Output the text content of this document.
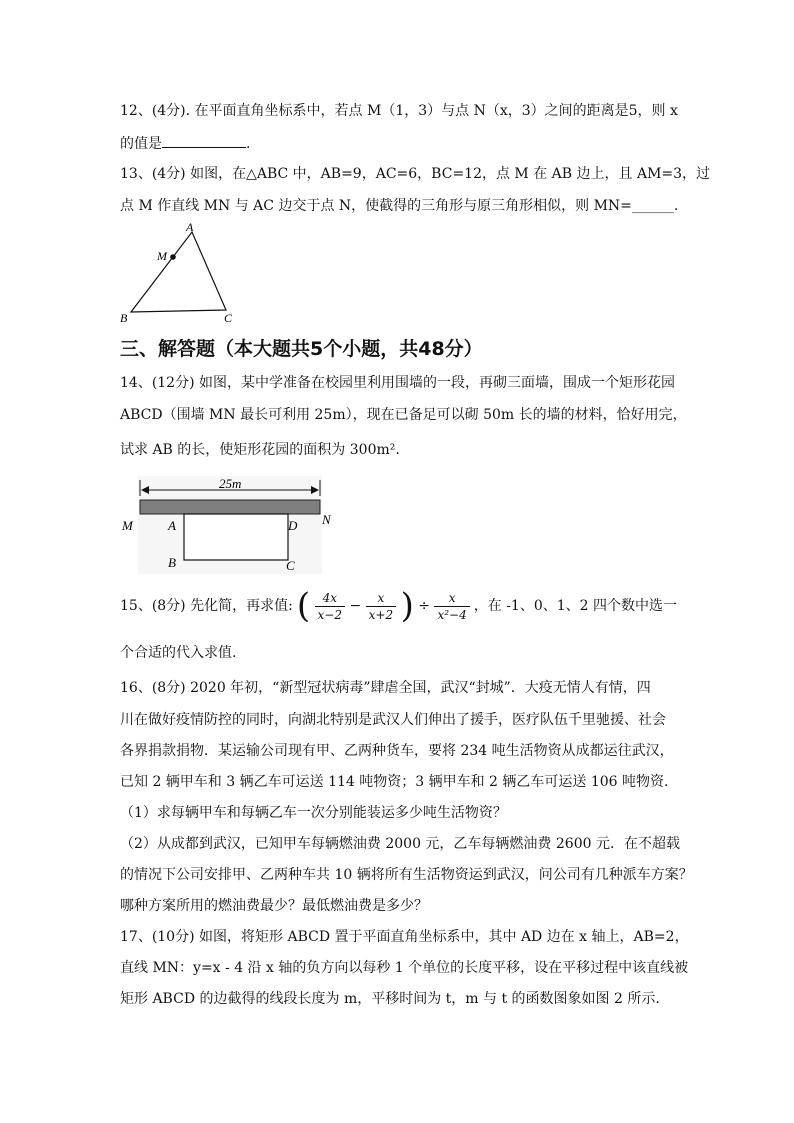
12、(4分). 在平面直角坐标系中，若点 M（1，3）与点 N（x，3）之间的距离是5，则 x
的值是	.
13、(4分) 如图，在△ABC 中，AB=9，AC=6，BC=12，点 M 在 AB 边上，且 AM=3，过
点 M 作直线 MN 与 AC 边交于点 N，使截得的三角形与原三角形相似，则 MN=______.
A
M
B	C
三、解答题（本大题共5个小题，共48分）
14、(12分) 如图，某中学准备在校园里利用围墙的一段，再砌三面墙，围成一个矩形花园
ABCD（围墙 MN 最长可利用 25m），现在已备足可以砌 50m 长的墙的材料，恰好用完，
试求 AB 的长，使矩形花园的面积为 300m².
25m
M	N
A	D
B	C
15、(8分) 先化简，再求值: ( $\frac{4x}{x-2} - \frac{x}{x+2}$ ) ÷ $\frac{x}{\text{x²−4}}$ ，在 -1、0、1、2 四个数中选一
个合适的代入求值.
16、(8分) 2020 年初，“新型冠状病毒”肆虐全国，武汉“封城”．大疫无情人有情，四
川在做好疫情防控的同时，向湖北特别是武汉人们伸出了援手，医疗队伍千里驰援、社会
各界捐款捐物．某运输公司现有甲、乙两种货车，要将 234 吨生活物资从成都运往武汉，
已知 2 辆甲车和 3 辆乙车可运送 114 吨物资；3 辆甲车和 2 辆乙车可运送 106 吨物资.
（1）求每辆甲车和每辆乙车一次分别能装运多少吨生活物资？
（2）从成都到武汉，已知甲车每辆燃油费 2000 元，乙车每辆燃油费 2600 元．在不超载
的情况下公司安排甲、乙两种车共 10 辆将所有生活物资运到武汉，问公司有几种派车方案？
哪种方案所用的燃油费最少？最低燃油费是多少？
17、(10分) 如图，将矩形 ABCD 置于平面直角坐标系中，其中 AD 边在 x 轴上，AB=2，
直线 MN：y=x - 4 沿 x 轴的负方向以每秒 1 个单位的长度平移，设在平移过程中该直线被
矩形 ABCD 的边截得的线段长度为 m，平移时间为 t，m 与 t 的函数图象如图 2 所示.
